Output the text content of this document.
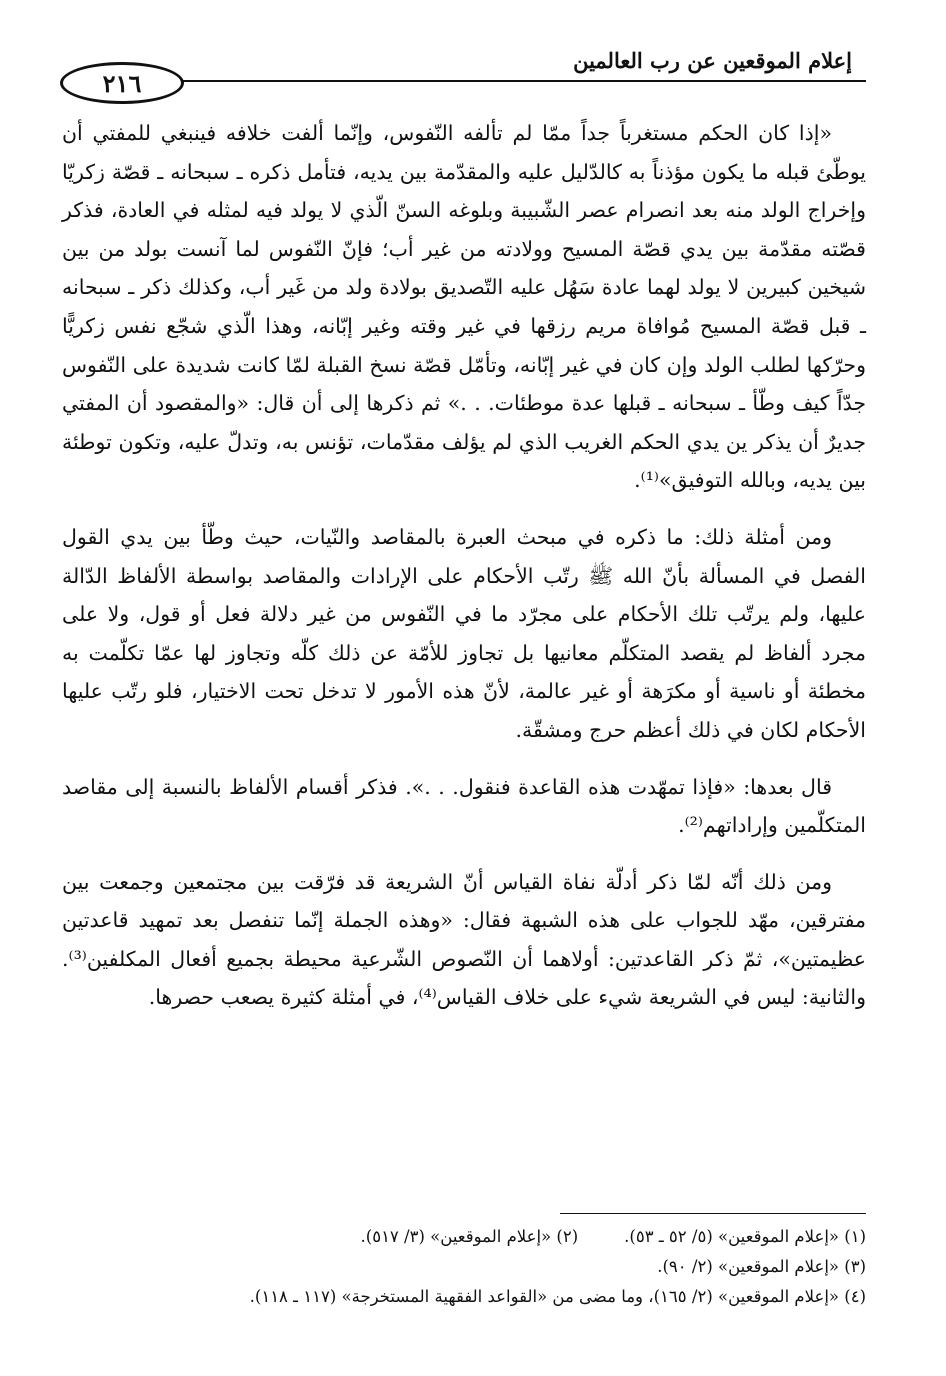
إعلام الموقعين عن رب العالمين
٢١٦

«إذا كان الحكم مستغرباً جداً ممّا لم تألفه النّفوس، وإنّما ألفت خلافه فينبغي للمفتي أن يوطّئ قبله ما يكون مؤذناً به كالدّليل عليه والمقدّمة بين يديه، فتأمل ذكره ـ سبحانه ـ قصّة زكريّا وإخراج الولد منه بعد انصرام عصر الشّبيبة وبلوغه السنّ الّذي لا يولد فيه لمثله في العادة، فذكر قصّته مقدّمة بين يدي قصّة المسيح وولادته من غير أب؛ فإنّ النّفوس لما آنست بولد من بين شيخين كبيرين لا يولد لهما عادة سَهُل عليه التّصديق بولادة ولد من غَير أب، وكذلك ذكر ـ سبحانه ـ قبل قصّة المسيح مُوافاة مريم رزقها في غير وقته وغير إبّانه، وهذا الّذي شجّع نفس زكريًّا وحرّكها لطلب الولد وإن كان في غير إبّانه، وتأمّل قصّة نسخ القبلة لمّا كانت شديدة على النّفوس جدّاً كيف وطّأ ـ سبحانه ـ قبلها عدة موطئات. . .» ثم ذكرها إلى أن قال: «والمقصود أن المفتي جديرٌ أن يذكر ين يدي الحكم الغريب الذي لم يؤلف مقدّمات، تؤنس به، وتدلّ عليه، وتكون توطئة بين يديه، وبالله التوفيق»⁽¹⁾.

ومن أمثلة ذلك: ما ذكره في مبحث العبرة بالمقاصد والنّيات، حيث وطّأ بين يدي القول الفصل في المسألة بأنّ الله ﷺ رتّب الأحكام على الإرادات والمقاصد بواسطة الألفاظ الدّالة عليها، ولم يرتّب تلك الأحكام على مجرّد ما في النّفوس من غير دلالة فعل أو قول، ولا على مجرد ألفاظ لم يقصد المتكلّم معانيها بل تجاوز للأمّة عن ذلك كلّه وتجاوز لها عمّا تكلّمت به مخطئة أو ناسية أو مكرَهة أو غير عالمة، لأنّ هذه الأمور لا تدخل تحت الاختيار، فلو رتّب عليها الأحكام لكان في ذلك أعظم حرج ومشقّة.

قال بعدها: «فإذا تمهّدت هذه القاعدة فنقول. . .». فذكر أقسام الألفاظ بالنسبة إلى مقاصد المتكلّمين وإراداتهم⁽²⁾.

ومن ذلك أنّه لمّا ذكر أدلّة نفاة القياس أنّ الشريعة قد فرّقت بين مجتمعين وجمعت بين مفترقين، مهّد للجواب على هذه الشبهة فقال: «وهذه الجملة إنّما تنفصل بعد تمهيد قاعدتين عظيمتين»، ثمّ ذكر القاعدتين: أولاهما أن النّصوص الشّرعية محيطة بجميع أفعال المكلفين⁽³⁾. والثانية: ليس في الشريعة شيء على خلاف القياس⁽⁴⁾، في أمثلة كثيرة يصعب حصرها.

(١) «إعلام الموقعين» (٥/ ٥٢ ـ ٥٣).
(٢) «إعلام الموقعين» (٣/ ٥١٧).
(٣) «إعلام الموقعين» (٢/ ٩٠).
(٤) «إعلام الموقعين» (٢/ ١٦٥)، وما مضى من «القواعد الفقهية المستخرجة» (١١٧ ـ ١١٨).
